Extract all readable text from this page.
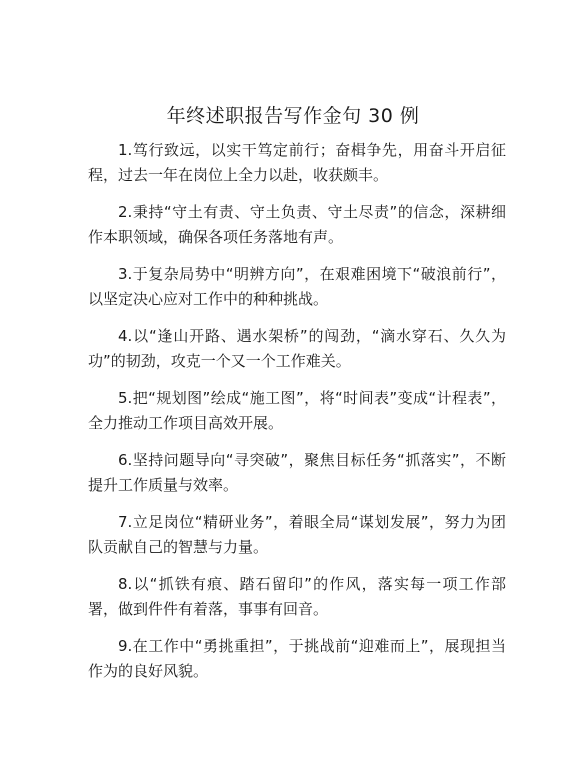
年终述职报告写作金句 30 例

1.笃行致远，以实干笃定前行；奋楫争先，用奋斗开启征程，过去一年在岗位上全力以赴，收获颇丰。

2.秉持“守土有责、守土负责、守土尽责”的信念，深耕细作本职领域，确保各项任务落地有声。

3.于复杂局势中“明辨方向”，在艰难困境下“破浪前行”，以坚定决心应对工作中的种种挑战。

4.以“逢山开路、遇水架桥”的闯劲，“滴水穿石、久久为功”的韧劲，攻克一个又一个工作难关。

5.把“规划图”绘成“施工图”，将“时间表”变成“计程表”，全力推动工作项目高效开展。

6.坚持问题导向“寻突破”，聚焦目标任务“抓落实”，不断提升工作质量与效率。

7.立足岗位“精研业务”，着眼全局“谋划发展”，努力为团队贡献自己的智慧与力量。

8.以“抓铁有痕、踏石留印”的作风，落实每一项工作部署，做到件件有着落，事事有回音。

9.在工作中“勇挑重担”，于挑战前“迎难而上”，展现担当作为的良好风貌。
